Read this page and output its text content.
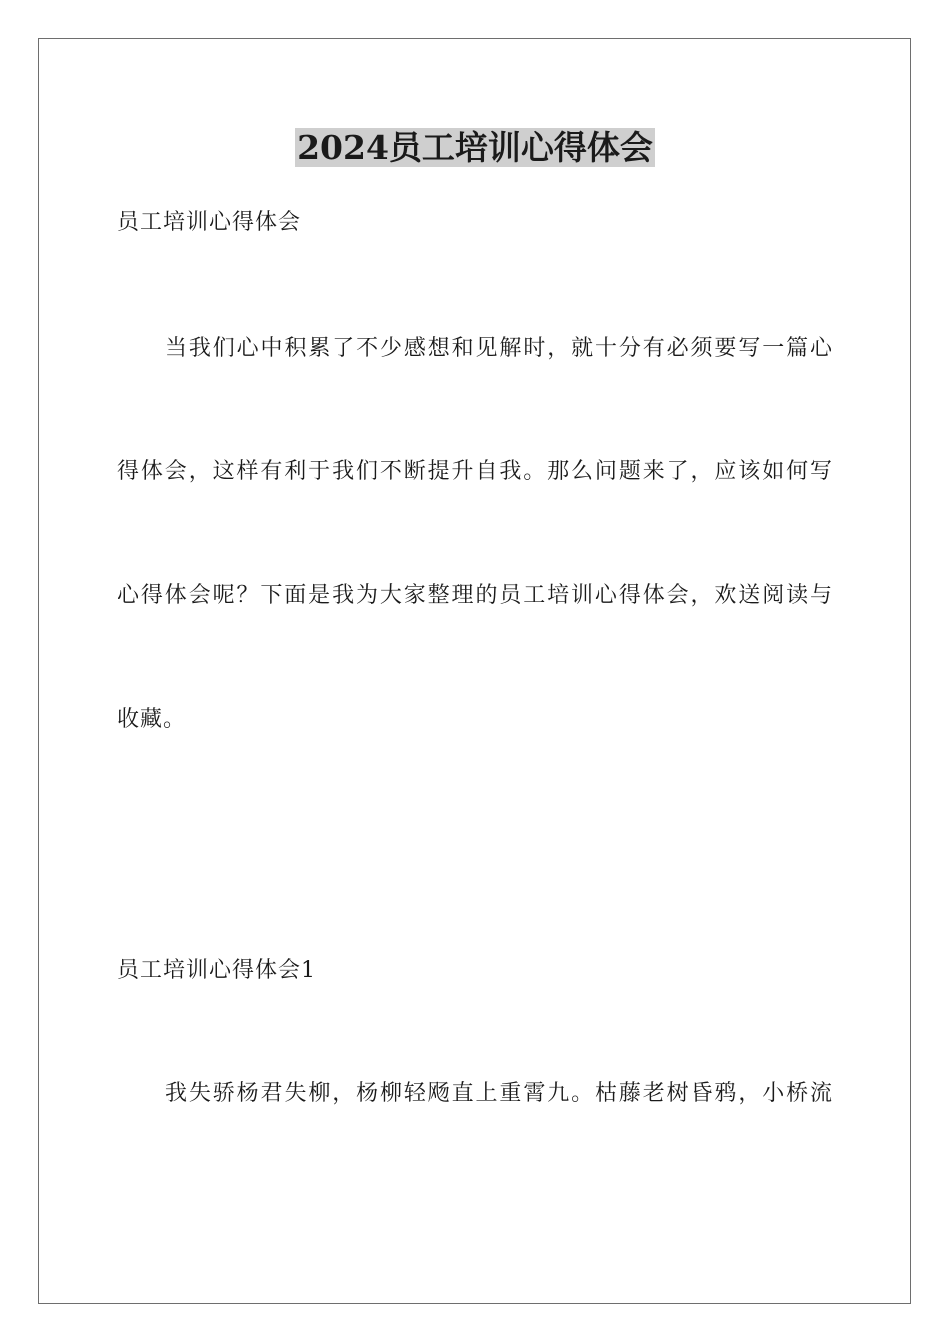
2024员工培训心得体会

员工培训心得体会

当我们心中积累了不少感想和见解时，就十分有必须要写一篇心

得体会，这样有利于我们不断提升自我。那么问题来了，应该如何写

心得体会呢？下面是我为大家整理的员工培训心得体会，欢送阅读与

收藏。

员工培训心得体会1

我失骄杨君失柳，杨柳轻飏直上重霄九。枯藤老树昏鸦，小桥流
